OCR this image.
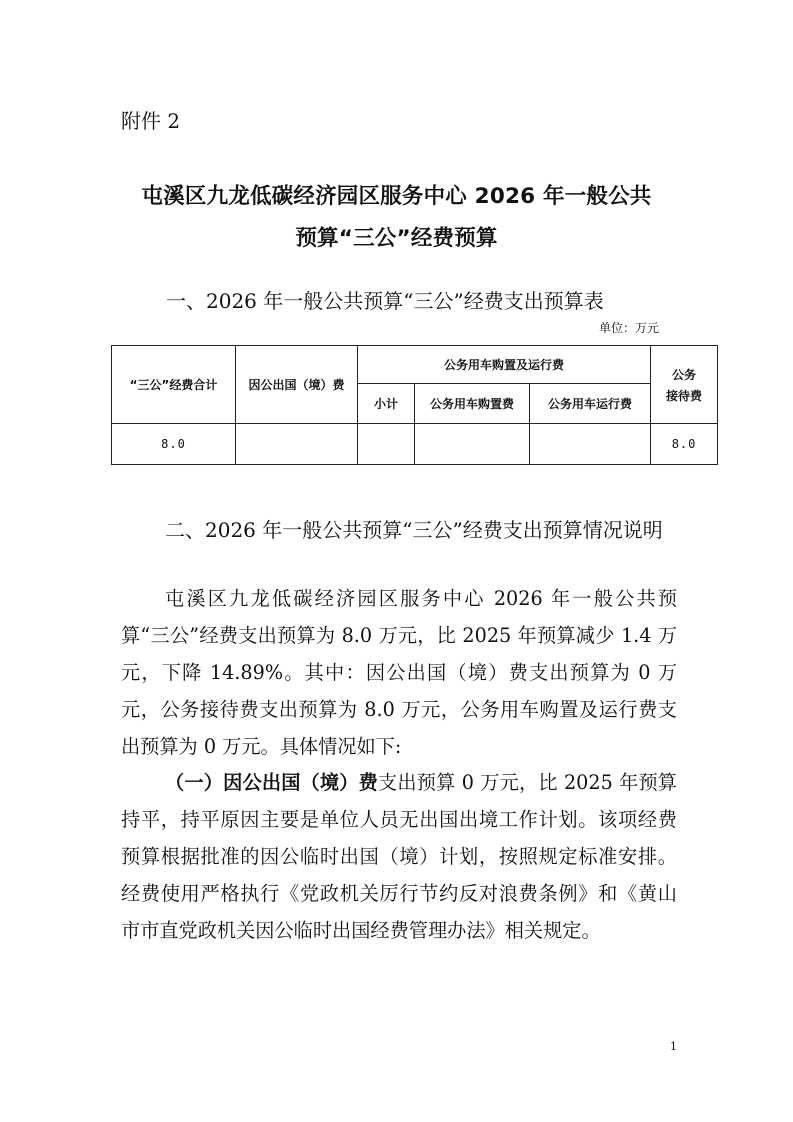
附件 2
屯溪区九龙低碳经济园区服务中心 2026 年一般公共
预算“三公”经费预算
一、2026 年一般公共预算“三公”经费支出预算表
单位：万元
“三公”经费合计	因公出国（境）费	公务用车购置及运行费			公务
接待费

		小计	公务用车购置费	公务用车运行费	
8.0					8.0
二、2026 年一般公共预算“三公”经费支出预算情况说明
屯溪区九龙低碳经济园区服务中心 2026 年一般公共预算“三公”经费支出预算为 8.0 万元，比 2025 年预算减少 1.4 万元，下降 14.89%。其中：因公出国（境）费支出预算为 0 万元，公务接待费支出预算为 8.0 万元，公务用车购置及运行费支出预算为 0 万元。具体情况如下:
（一）因公出国（境）费支出预算 0 万元，比 2025 年预算持平，持平原因主要是单位人员无出国出境工作计划。该项经费预算根据批准的因公临时出国（境）计划，按照规定标准安排。经费使用严格执行《党政机关厉行节约反对浪费条例》和《黄山市市直党政机关因公临时出国经费管理办法》相关规定。
1
